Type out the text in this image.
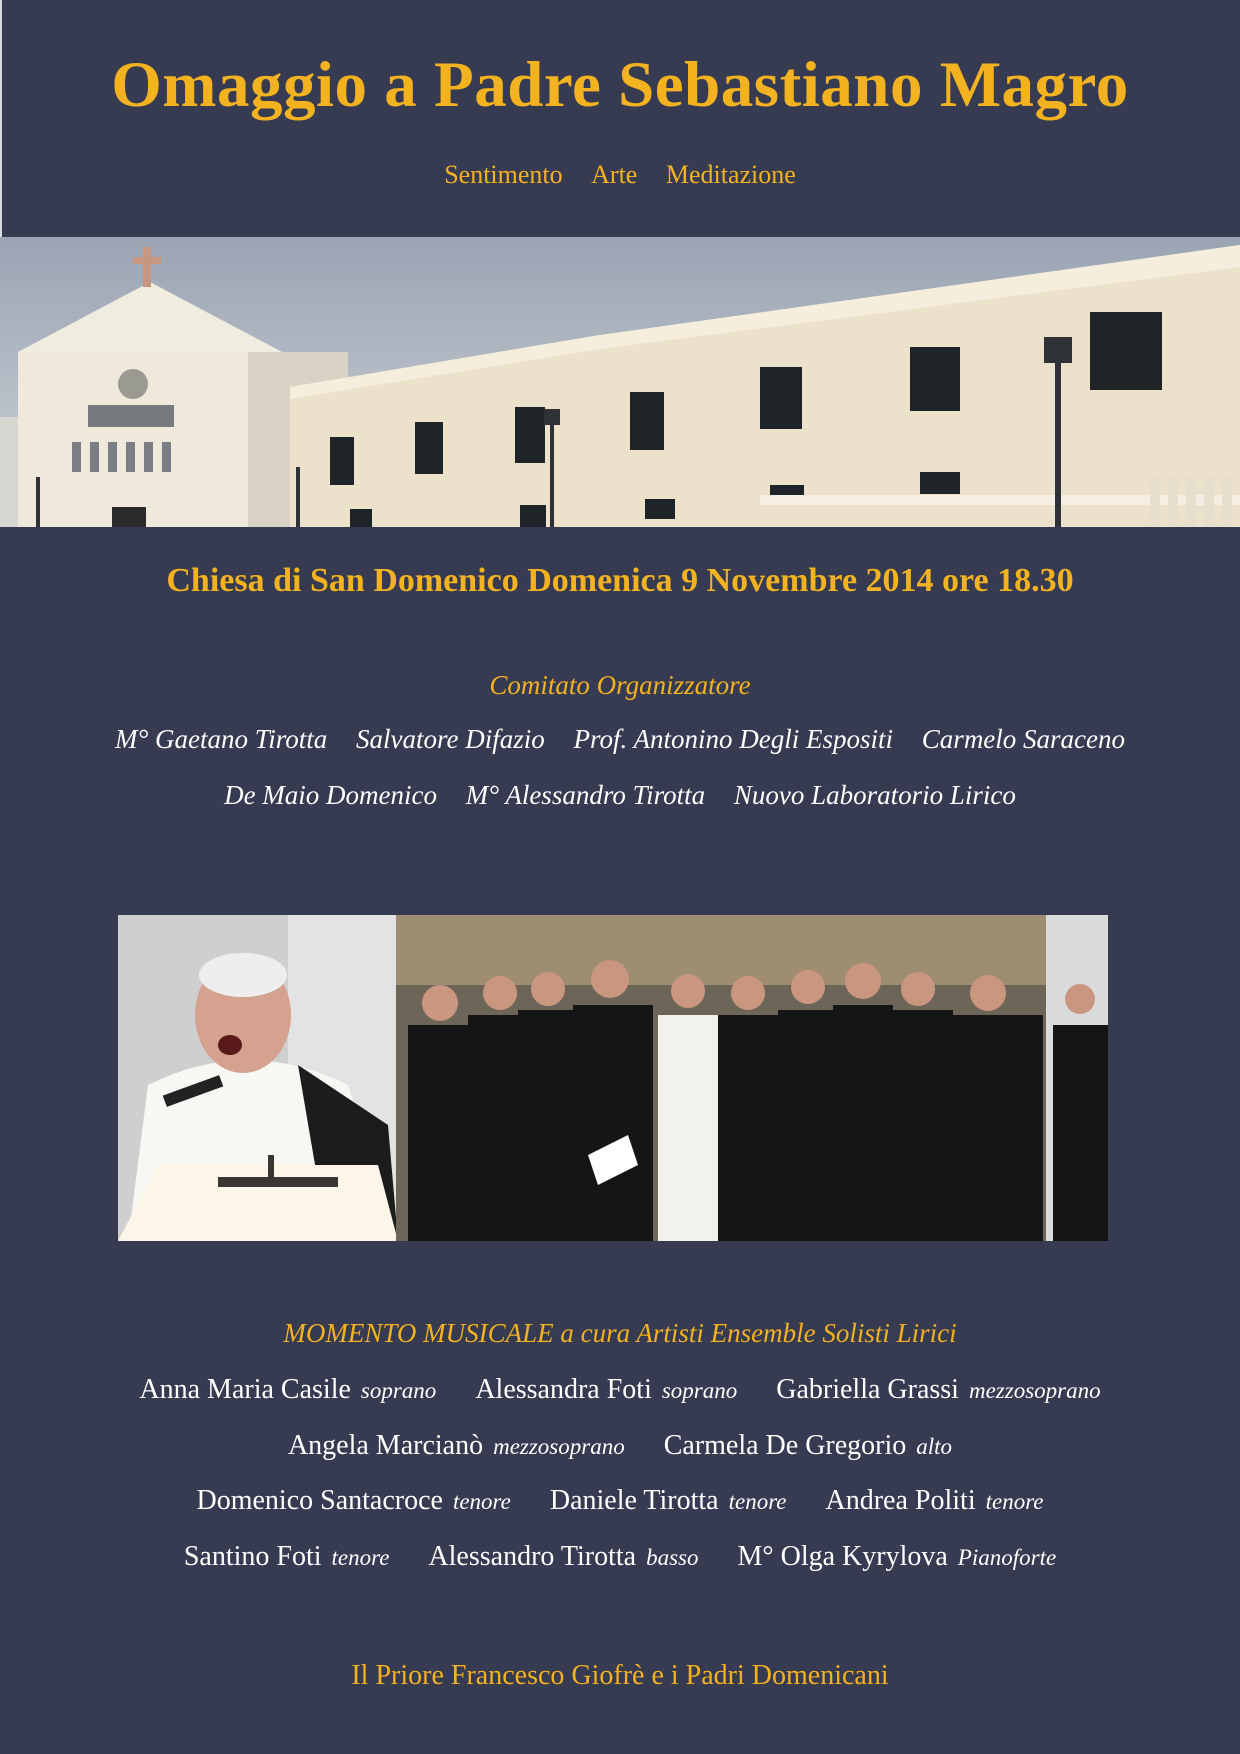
Omaggio a Padre Sebastiano Magro
Sentimento Arte Meditazione
Chiesa di San Domenico Domenica 9 Novembre 2014 ore 18.30
Comitato Organizzatore
M° Gaetano Tirotta Salvatore Difazio Prof. Antonino Degli Espositi Carmelo Saraceno
De Maio Domenico M° Alessandro Tirotta Nuovo Laboratorio Lirico
MOMENTO MUSICALE a cura Artisti Ensemble Solisti Lirici
Anna Maria Casile soprano Alessandra Foti soprano Gabriella Grassi mezzosoprano
Angela Marcianò mezzosoprano Carmela De Gregorio alto
Domenico Santacroce tenore Daniele Tirotta tenore Andrea Politi tenore
Santino Foti tenore Alessandro Tirotta basso M° Olga Kyrylova Pianoforte
Il Priore Francesco Giofrè e i Padri Domenicani
